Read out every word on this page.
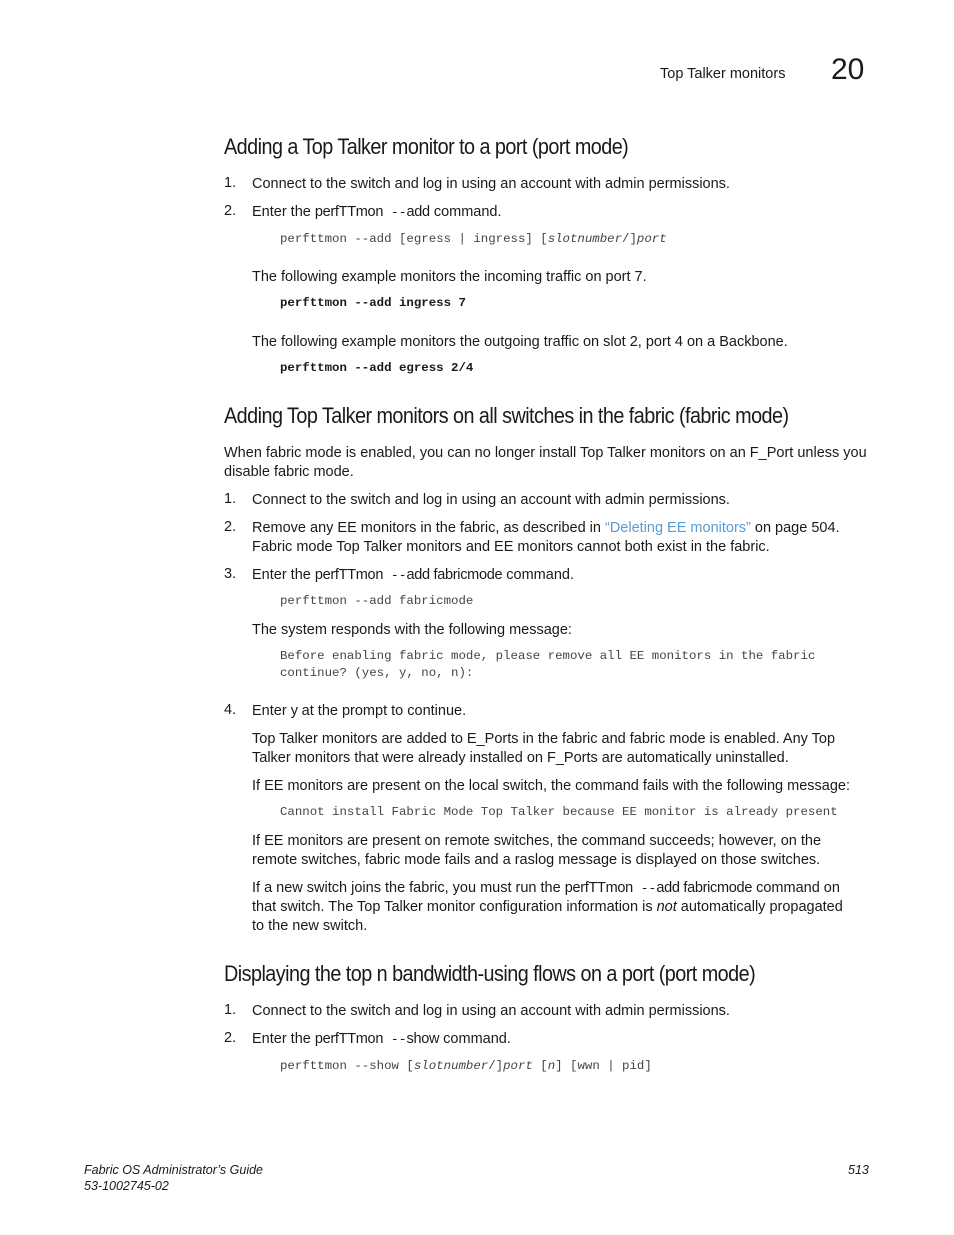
Top Talker monitors 20
Adding a Top Talker monitor to a port (port mode)
1. Connect to the switch and log in using an account with admin permissions.
2. Enter the perfTTmon --add command.
perfttmon --add [egress | ingress] [slotnumber/]port
The following example monitors the incoming traffic on port 7.
perfttmon --add ingress 7
The following example monitors the outgoing traffic on slot 2, port 4 on a Backbone.
perfttmon --add egress 2/4
Adding Top Talker monitors on all switches in the fabric (fabric mode)
When fabric mode is enabled, you can no longer install Top Talker monitors on an F_Port unless you
disable fabric mode.
1. Connect to the switch and log in using an account with admin permissions.
2. Remove any EE monitors in the fabric, as described in “Deleting EE monitors” on page 504.
Fabric mode Top Talker monitors and EE monitors cannot both exist in the fabric.
3. Enter the perfTTmon --add fabricmode command.
perfttmon --add fabricmode
The system responds with the following message:
Before enabling fabric mode, please remove all EE monitors in the fabric
continue? (yes, y, no, n):
4. Enter y at the prompt to continue.
Top Talker monitors are added to E_Ports in the fabric and fabric mode is enabled. Any Top
Talker monitors that were already installed on F_Ports are automatically uninstalled.
If EE monitors are present on the local switch, the command fails with the following message:
Cannot install Fabric Mode Top Talker because EE monitor is already present
If EE monitors are present on remote switches, the command succeeds; however, on the
remote switches, fabric mode fails and a raslog message is displayed on those switches.
If a new switch joins the fabric, you must run the perfTTmon --add fabricmode command on
that switch. The Top Talker monitor configuration information is not automatically propagated
to the new switch.
Displaying the top n bandwidth-using flows on a port (port mode)
1. Connect to the switch and log in using an account with admin permissions.
2. Enter the perfTTmon --show command.
perfttmon --show [slotnumber/]port [n] [wwn | pid]
Fabric OS Administrator’s Guide
53-1002745-02
513
